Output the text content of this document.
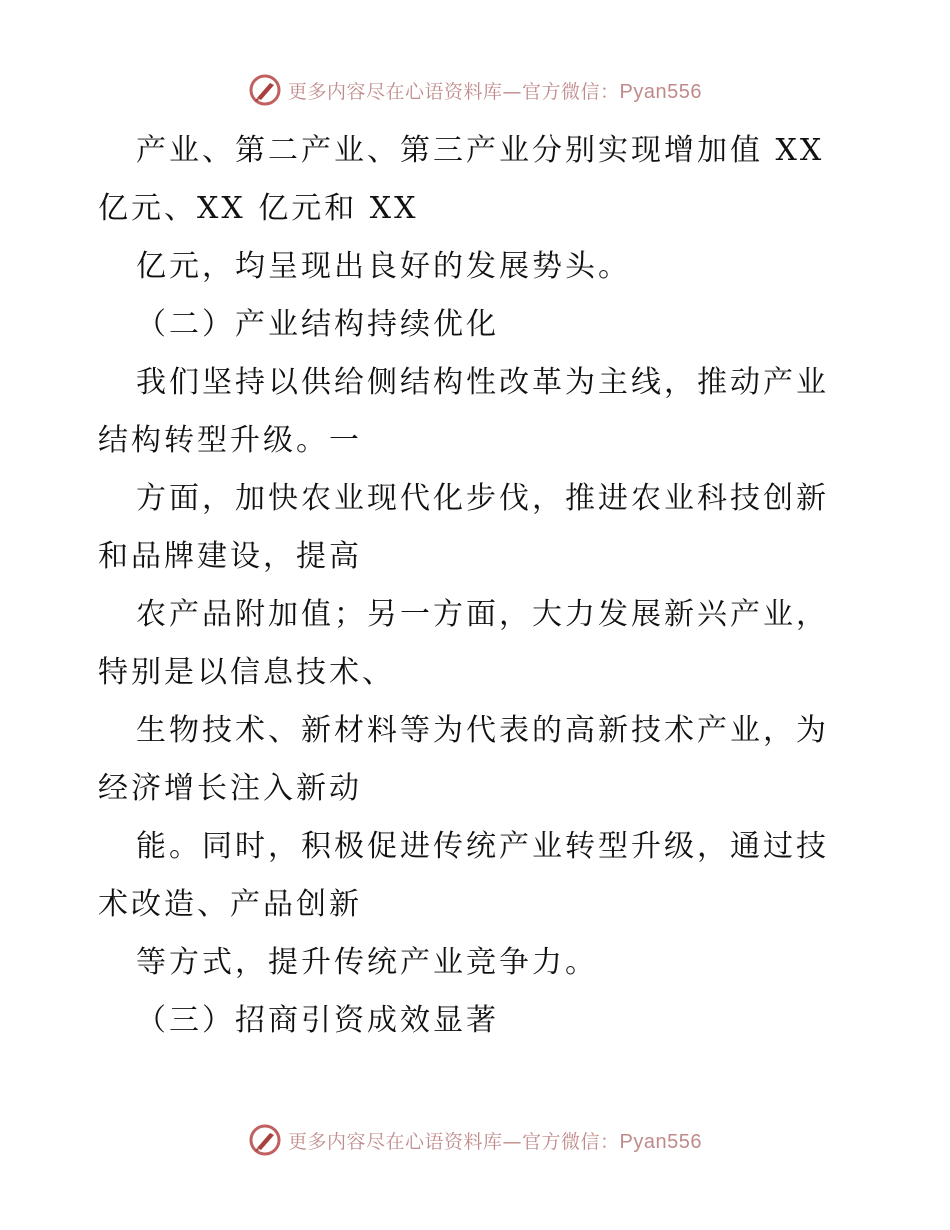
更多内容尽在心语资料库—官方微信：Pyan556
产业、第二产业、第三产业分别实现增加值 XX
亿元、XX 亿元和 XX
亿元，均呈现出良好的发展势头。
（二）产业结构持续优化
我们坚持以供给侧结构性改革为主线，推动产业
结构转型升级。一
方面，加快农业现代化步伐，推进农业科技创新
和品牌建设，提高
农产品附加值；另一方面，大力发展新兴产业，
特别是以信息技术、
生物技术、新材料等为代表的高新技术产业，为
经济增长注入新动
能。同时，积极促进传统产业转型升级，通过技
术改造、产品创新
等方式，提升传统产业竞争力。
（三）招商引资成效显著
更多内容尽在心语资料库—官方微信：Pyan556
